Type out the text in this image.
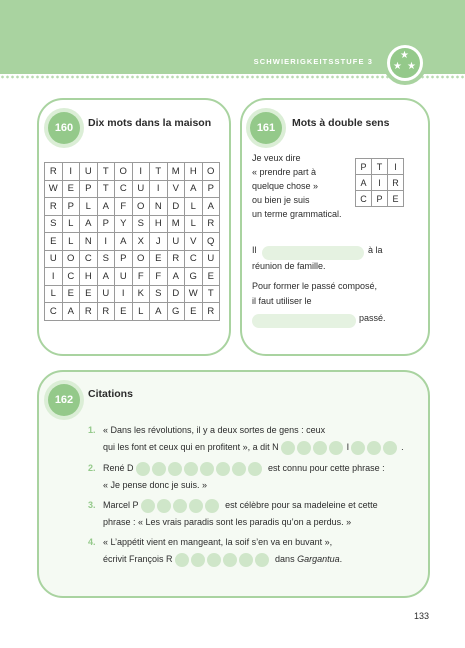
SCHWIERIGKEITSSTUFE 3
★
★ ★
160	Dix mots dans la maison
R	I	U	T	O	I	T	M	H	O
W	E	P	T	C	U	I	V	A	P
R	P	L	A	F	O	N	D	L	A
S	L	A	P	Y	S	H	M	L	R
E	L	N	I	A	X	J	U	V	Q
U	O	C	S	P	O	E	R	C	U
I	C	H	A	U	F	F	A	G	E
L	E	E	U	I	K	S	D	W	T
C	A	R	R	E	L	A	G	E	R
161	Mots à double sens
Je veux dire
« prendre part à
quelque chose »
ou bien je suis
un terme grammatical.
P	T	I
A	I	R
C	P	E
Il	à la
réunion de famille.
Pour former le passé composé,
il faut utiliser le
passé.
162	Citations
1. « Dans les révolutions, il y a deux sortes de gens : ceux
qui les font et ceux qui en profitent », a dit N	I	.
2. René D	est connu pour cette phrase :
« Je pense donc je suis. »
3. Marcel P	est célèbre pour sa madeleine et cette
phrase : « Les vrais paradis sont les paradis qu’on a perdus. »
4. « L’appétit vient en mangeant, la soif s’en va en buvant »,
écrivit François R	dans Gargantua.
133
